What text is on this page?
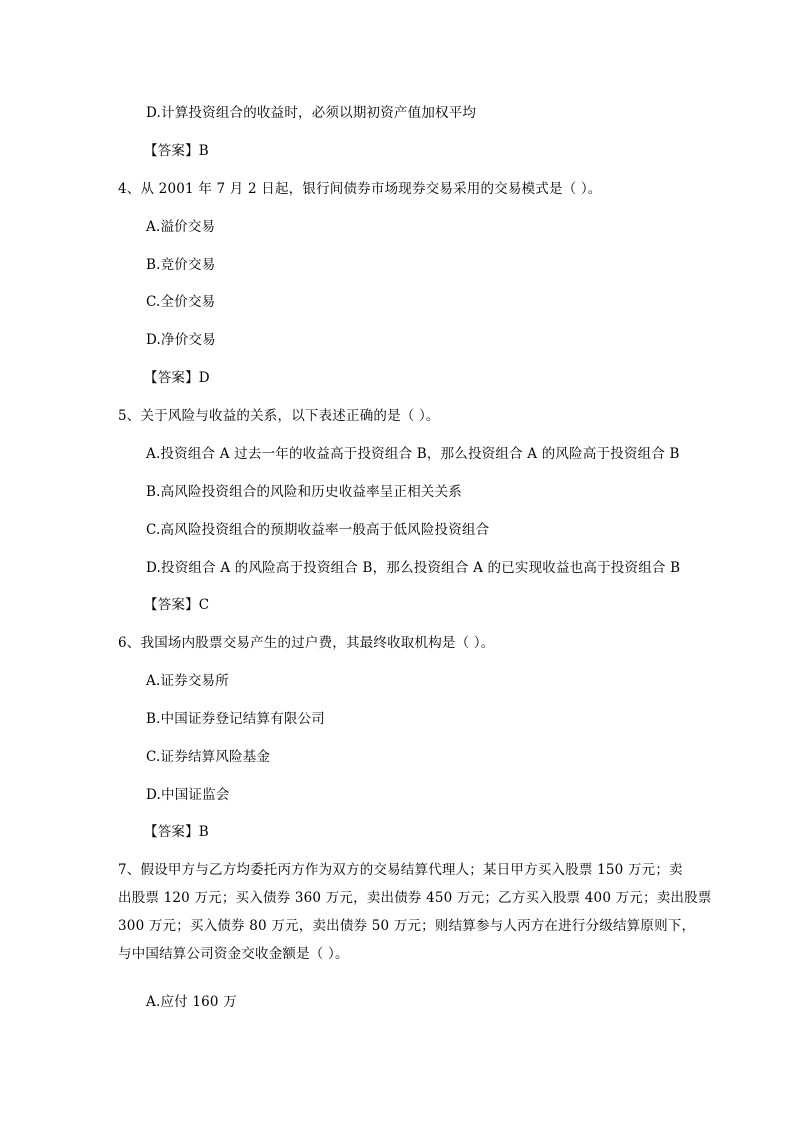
D.计算投资组合的收益时，必须以期初资产值加权平均
【答案】B
4、从 2001 年 7 月 2 日起，银行间债券市场现券交易采用的交易模式是（ ）。
A.溢价交易
B.竞价交易
C.全价交易
D.净价交易
【答案】D
5、关于风险与收益的关系，以下表述正确的是（ ）。
A.投资组合 A 过去一年的收益高于投资组合 B，那么投资组合 A 的风险高于投资组合 B
B.高风险投资组合的风险和历史收益率呈正相关关系
C.高风险投资组合的预期收益率一般高于低风险投资组合
D.投资组合 A 的风险高于投资组合 B，那么投资组合 A 的已实现收益也高于投资组合 B
【答案】C
6、我国场内股票交易产生的过户费，其最终收取机构是（ ）。
A.证券交易所
B.中国证券登记结算有限公司
C.证券结算风险基金
D.中国证监会
【答案】B
7、假设甲方与乙方均委托丙方作为双方的交易结算代理人；某日甲方买入股票 150 万元；卖
出股票 120 万元；买入债券 360 万元，卖出债券 450 万元；乙方买入股票 400 万元；卖出股票
300 万元；买入债券 80 万元，卖出债券 50 万元；则结算参与人丙方在进行分级结算原则下，
与中国结算公司资金交收金额是（ ）。
A.应付 160 万
